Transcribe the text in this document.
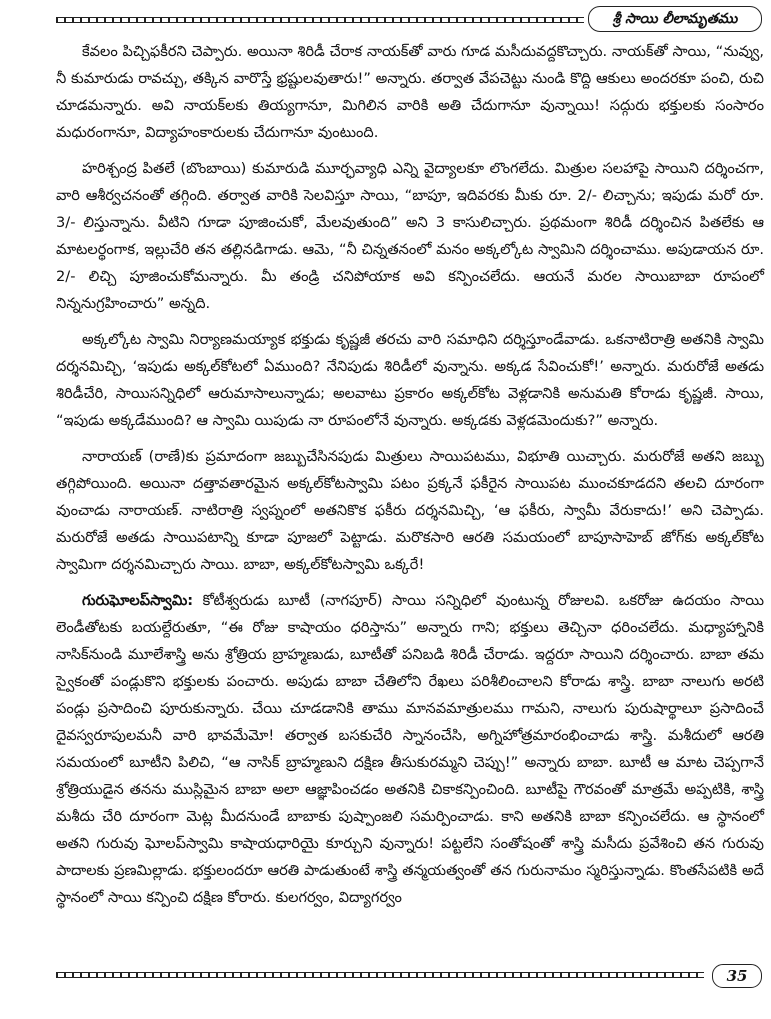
శ్రీ సాయి లీలామృతము

కేవలం పిచ్చిఫకీరని చెప్పారు. అయినా శిరిడీ చేరాక నాయక్‌తో వారు గూడ మసీదువద్దకొచ్చారు. నాయక్‌తో సాయి, “నువ్వు, నీ కుమారుడు రావచ్చు, తక్కిన వారొస్తే భ్రష్టులవుతారు!” అన్నారు. తర్వాత వేపచెట్టు నుండి కొద్ది ఆకులు అందరకూ పంచి, రుచి చూడమన్నారు. అవి నాయక్‌లకు తియ్యగానూ, మిగిలిన వారికి అతి చేదుగానూ వున్నాయి! సద్గురు భక్తులకు సంసారం మధురంగానూ, విద్యాహంకారులకు చేదుగానూ వుంటుంది.

హరిశ్చంద్ర పితలే (బొంబాయి) కుమారుడి మూర్ఛవ్యాధి ఎన్ని వైద్యాలకూ లొంగలేదు. మిత్రుల సలహాపై సాయిని దర్శించగా, వారి ఆశీర్వచనంతో తగ్గింది. తర్వాత వారికి సెలవిస్తూ సాయి, “బాపూ, ఇదివరకు మీకు రూ. 2/- లిచ్చాను; ఇపుడు మరో రూ. 3/- లిస్తున్నాను. వీటిని గూడా పూజించుకో, మేలవుతుంది” అని 3 కాసులిచ్చారు. ప్రథమంగా శిరిడీ దర్శించిన పితలేకు ఆ మాటలర్థంగాక, ఇల్లుచేరి తన తల్లినడిగాడు. ఆమె, “నీ చిన్నతనంలో మనం అక్కల్కోట స్వామిని దర్శించాము. అపుడాయన రూ. 2/- లిచ్చి పూజించుకోమన్నారు. మీ తండ్రి చనిపోయాక అవి కన్పించలేదు. ఆయనే మరల సాయిబాబా రూపంలో నిన్ననుగ్రహించారు” అన్నది.

అక్కల్కోట స్వామి నిర్యాణమయ్యాక భక్తుడు కృష్ణజీ తరచు వారి సమాధిని దర్శిస్తూండేవాడు. ఒకనాటిరాత్రి అతనికి స్వామి దర్శనమిచ్చి, ‘ఇపుడు అక్కల్‌కోటలో ఏముంది? నేనిపుడు శిరిడీలో వున్నాను. అక్కడ సేవించుకో!’ అన్నారు. మరురోజే అతడు శిరిడీచేరి, సాయిసన్నిధిలో ఆరుమాసాలున్నాడు; అలవాటు ప్రకారం అక్కల్‌కోట వెళ్లడానికి అనుమతి కోరాడు కృష్ణజీ. సాయి, “ఇపుడు అక్కడేముంది? ఆ స్వామి యిపుడు నా రూపంలోనే వున్నారు. అక్కడకు వెళ్లడమెందుకు?” అన్నారు.

నారాయణ్ (రాణే)కు ప్రమాదంగా జబ్బుచేసినపుడు మిత్రులు సాయిపటము, విభూతి యిచ్చారు. మరురోజే అతని జబ్బు తగ్గిపోయింది. అయినా దత్తావతారమైన అక్కల్‌కోటస్వామి పటం ప్రక్కనే ఫకీరైన సాయిపట ముంచకూడదని తలచి దూరంగా వుంచాడు నారాయణ్. నాటిరాత్రి స్వప్నంలో అతనికొక ఫకీరు దర్శనమిచ్చి, ‘ఆ ఫకీరు, స్వామీ వేరుకాదు!’ అని చెప్పాడు. మరురోజే అతడు సాయిపటాన్ని కూడా పూజలో పెట్టాడు. మరొకసారి ఆరతి సమయంలో బాపూసాహెబ్ జోగ్‌కు అక్కల్‌కోట స్వామిగా దర్శనమిచ్చారు సాయి. బాబా, అక్కల్‌కోటస్వామి ఒక్కరే!

గురుఘోలప్‌స్వామి: కోటీశ్వరుడు బూటీ (నాగపూర్) సాయి సన్నిధిలో వుంటున్న రోజులవి. ఒకరోజు ఉదయం సాయి లెండీతోటకు బయల్దేరుతూ, “ఈ రోజు కాషాయం ధరిస్తాను” అన్నారు గాని; భక్తులు తెచ్చినా ధరించలేదు. మధ్యాహ్నానికి నాసిక్‌నుండి మూలేశాస్త్రి అను శ్రోత్రియ బ్రాహ్మణుడు, బూటీతో పనిబడి శిరిడీ చేరాడు. ఇద్దరూ సాయిని దర్శించారు. బాబా తమ స్వైకంతో పండ్లుకొని భక్తులకు పంచారు. అపుడు బాబా చేతిలోని రేఖలు పరిశీలించాలని కోరాడు శాస్త్రి. బాబా నాలుగు అరటి పండ్లు ప్రసాదించి పూరుకున్నారు. చేయి చూడడానికి తాము మానవమాత్రులము గామని, నాలుగు పురుషార్థాలూ ప్రసాదించే దైవస్వరూపులమనీ వారి భావమేమో! తర్వాత బసకుచేరి స్నానంచేసి, అగ్నిహోత్రమారంభించాడు శాస్త్రి. మశీదులో ఆరతి సమయంలో బూటీని పిలిచి, “ఆ నాసిక్ బ్రాహ్మణుని దక్షిణ తీసుకురమ్మని చెప్పు!” అన్నారు బాబా. బూటీ ఆ మాట చెప్పగానే శ్రోత్రియుడైన తనను ముస్లిమైన బాబా అలా ఆజ్ఞాపించడం అతనికి చికాకన్పించింది. బూటీపై గౌరవంతో మాత్రమే అప్పటికి, శాస్త్రి మశీదు చేరి దూరంగా మెట్ల మీదనుండే బాబాకు పుష్పాంజలి సమర్పించాడు. కాని అతనికి బాబా కన్పించలేదు. ఆ స్థానంలో అతని గురువు ఘోలప్‌స్వామి కాషాయధారియై కూర్చుని వున్నారు! పట్టలేని సంతోషంతో శాస్త్రి మసీదు ప్రవేశించి తన గురువు పాదాలకు ప్రణమిల్లాడు. భక్తులందరూ ఆరతి పాడుతుంటే శాస్త్రి తన్మయత్వంతో తన గురునామం స్మరిస్తున్నాడు. కొంతసేపటికి అదే స్థానంలో సాయి కన్పించి దక్షిణ కోరారు. కులగర్వం, విద్యాగర్వం

35
